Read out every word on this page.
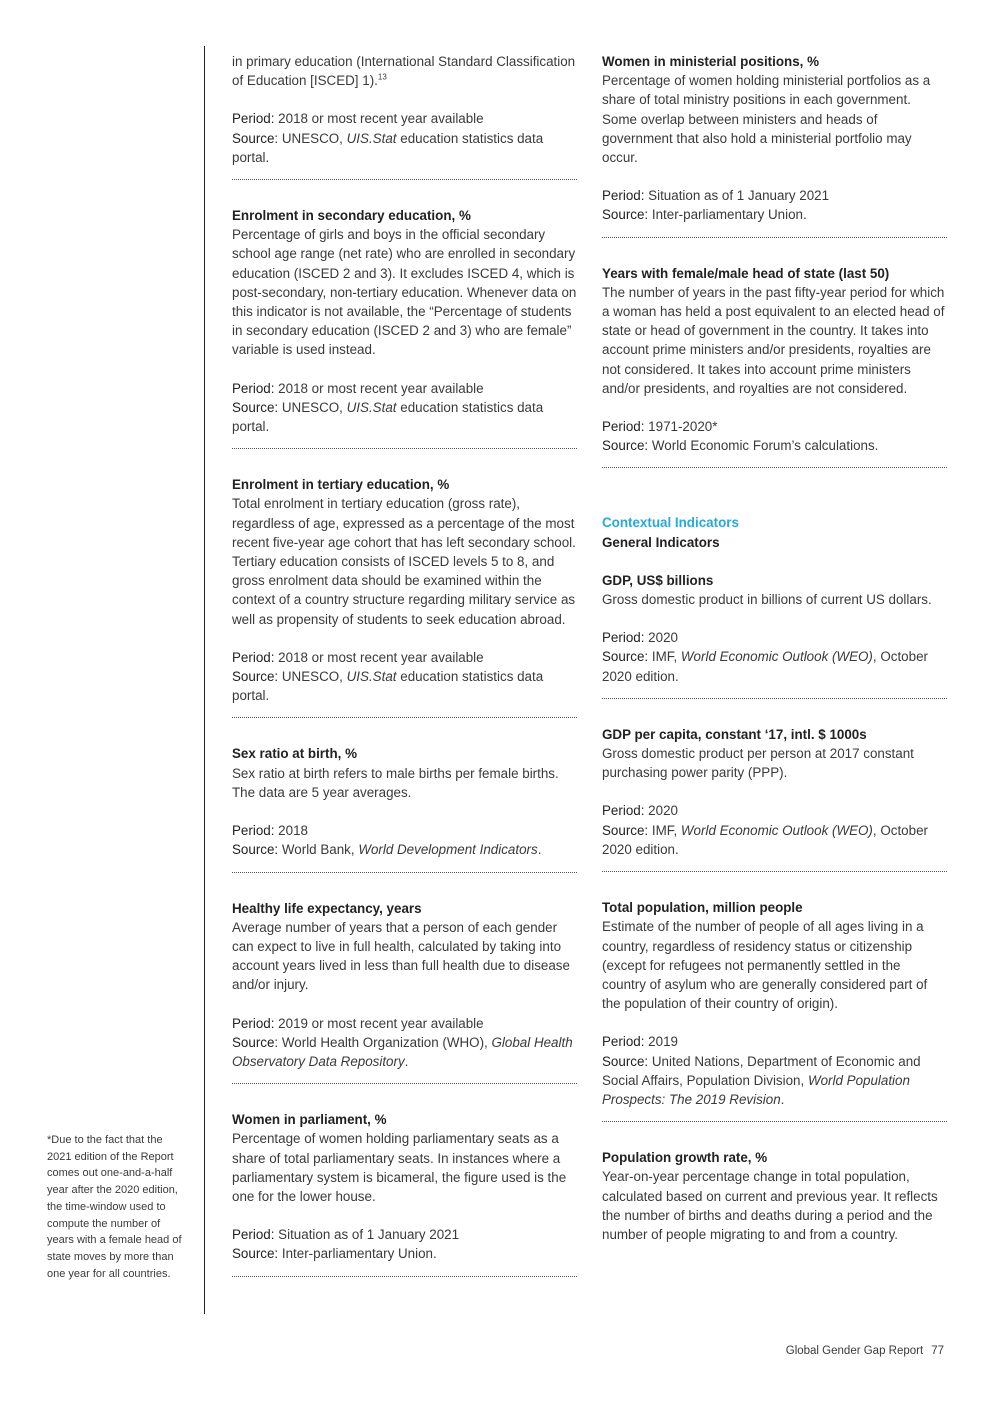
in primary education (International Standard Classification of Education [ISCED] 1).$^{13}$
Period: 2018 or most recent year available
Source: UNESCO, UIS.Stat education statistics data portal.
Enrolment in secondary education, %
Percentage of girls and boys in the official secondary school age range (net rate) who are enrolled in secondary education (ISCED 2 and 3). It excludes ISCED 4, which is post-secondary, non-tertiary education. Whenever data on this indicator is not available, the “Percentage of students in secondary education (ISCED 2 and 3) who are female” variable is used instead.
Period: 2018 or most recent year available
Source: UNESCO, UIS.Stat education statistics data portal.
Enrolment in tertiary education, %
Total enrolment in tertiary education (gross rate), regardless of age, expressed as a percentage of the most recent five-year age cohort that has left secondary school. Tertiary education consists of ISCED levels 5 to 8, and gross enrolment data should be examined within the context of a country structure regarding military service as well as propensity of students to seek education abroad.
Period: 2018 or most recent year available
Source: UNESCO, UIS.Stat education statistics data portal.
Sex ratio at birth, %
Sex ratio at birth refers to male births per female births. The data are 5 year averages.
Period: 2018
Source: World Bank, World Development Indicators.
Healthy life expectancy, years
Average number of years that a person of each gender can expect to live in full health, calculated by taking into account years lived in less than full health due to disease and/or injury.
Period: 2019 or most recent year available
Source: World Health Organization (WHO), Global Health Observatory Data Repository.
Women in parliament, %
Percentage of women holding parliamentary seats as a share of total parliamentary seats. In instances where a parliamentary system is bicameral, the figure used is the one for the lower house.
Period: Situation as of 1 January 2021
Source: Inter-parliamentary Union.
Women in ministerial positions, %
Percentage of women holding ministerial portfolios as a share of total ministry positions in each government. Some overlap between ministers and heads of government that also hold a ministerial portfolio may occur.
Period: Situation as of 1 January 2021
Source: Inter-parliamentary Union.
Years with female/male head of state (last 50)
The number of years in the past fifty-year period for which a woman has held a post equivalent to an elected head of state or head of government in the country. It takes into account prime ministers and/or presidents, royalties are not considered. It takes into account prime ministers and/or presidents, and royalties are not considered.
Period: 1971-2020*
Source: World Economic Forum’s calculations.
Contextual Indicators
General Indicators
GDP, US$ billions
Gross domestic product in billions of current US dollars.
Period: 2020
Source: IMF, World Economic Outlook (WEO), October 2020 edition.
GDP per capita, constant ‘17, intl. $ 1000s
Gross domestic product per person at 2017 constant purchasing power parity (PPP).
Period: 2020
Source: IMF, World Economic Outlook (WEO), October 2020 edition.
Total population, million people
Estimate of the number of people of all ages living in a country, regardless of residency status or citizenship (except for refugees not permanently settled in the country of asylum who are generally considered part of the population of their country of origin).
Period: 2019
Source: United Nations, Department of Economic and Social Affairs, Population Division, World Population Prospects: The 2019 Revision.
Population growth rate, %
Year-on-year percentage change in total population, calculated based on current and previous year. It reflects the number of births and deaths during a period and the number of people migrating to and from a country.
*Due to the fact that the 2021 edition of the Report comes out one-and-a-half year after the 2020 edition, the time-window used to compute the number of years with a female head of state moves by more than one year for all countries.
Global Gender Gap Report 77
